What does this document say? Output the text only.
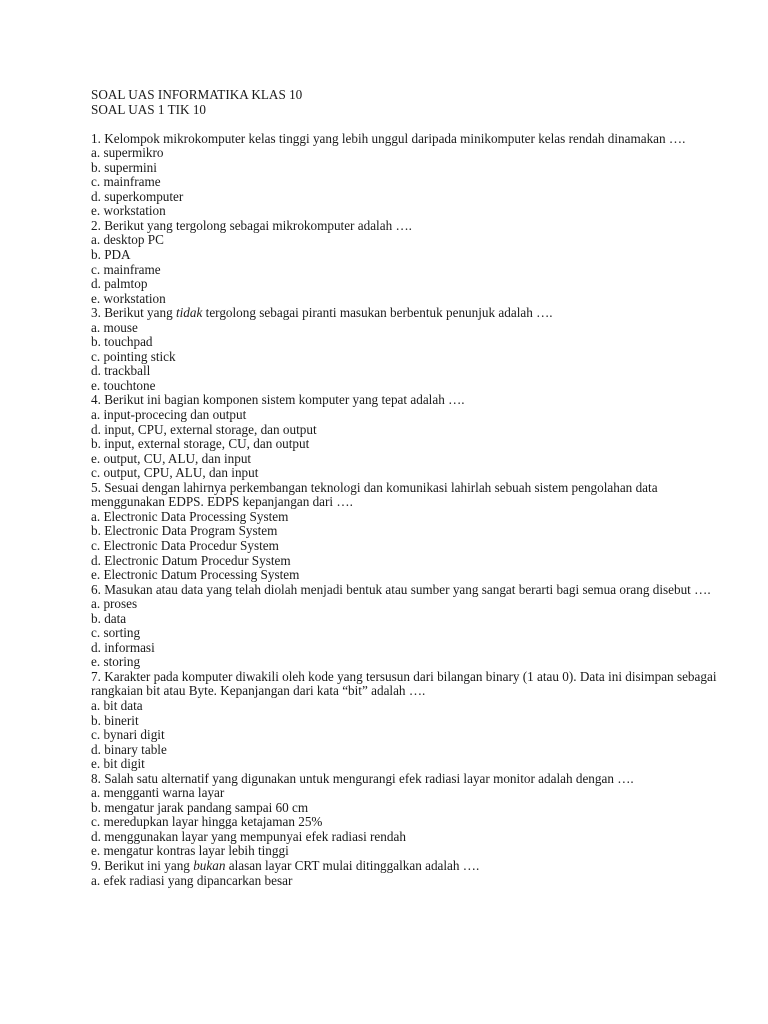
SOAL UAS INFORMATIKA KLAS 10
SOAL UAS 1 TIK 10
1. Kelompok mikrokomputer kelas tinggi yang lebih unggul daripada minikomputer kelas rendah dinamakan ….
a. supermikro
b. supermini
c. mainframe
d. superkomputer
e. workstation
2. Berikut yang tergolong sebagai mikrokomputer adalah ….
a. desktop PC
b. PDA
c. mainframe
d. palmtop
e. workstation
3. Berikut yang tidak tergolong sebagai piranti masukan berbentuk penunjuk adalah ….
a. mouse
b. touchpad
c. pointing stick
d. trackball
e. touchtone
4. Berikut ini bagian komponen sistem komputer yang tepat adalah ….
a. input-procecing dan output
d. input, CPU, external storage, dan output
b. input, external storage, CU, dan output
e. output, CU, ALU, dan input
c. output, CPU, ALU, dan input
5. Sesuai dengan lahirnya perkembangan teknologi dan komunikasi lahirlah sebuah sistem pengolahan data menggunakan EDPS. EDPS kepanjangan dari ….
a. Electronic Data Processing System
b. Electronic Data Program System
c. Electronic Data Procedur System
d. Electronic Datum Procedur System
e. Electronic Datum Processing System
6. Masukan atau data yang telah diolah menjadi bentuk atau sumber yang sangat berarti bagi semua orang disebut ….
a. proses
b. data
c. sorting
d. informasi
e. storing
7. Karakter pada komputer diwakili oleh kode yang tersusun dari bilangan binary (1 atau 0). Data ini disimpan sebagai rangkaian bit atau Byte. Kepanjangan dari kata “bit” adalah ….
a. bit data
b. binerit
c. bynari digit
d. binary table
e. bit digit
8. Salah satu alternatif yang digunakan untuk mengurangi efek radiasi layar monitor adalah dengan ….
a. mengganti warna layar
b. mengatur jarak pandang sampai 60 cm
c. meredupkan layar hingga ketajaman 25%
d. menggunakan layar yang mempunyai efek radiasi rendah
e. mengatur kontras layar lebih tinggi
9. Berikut ini yang bukan alasan layar CRT mulai ditinggalkan adalah ….
a. efek radiasi yang dipancarkan besar
